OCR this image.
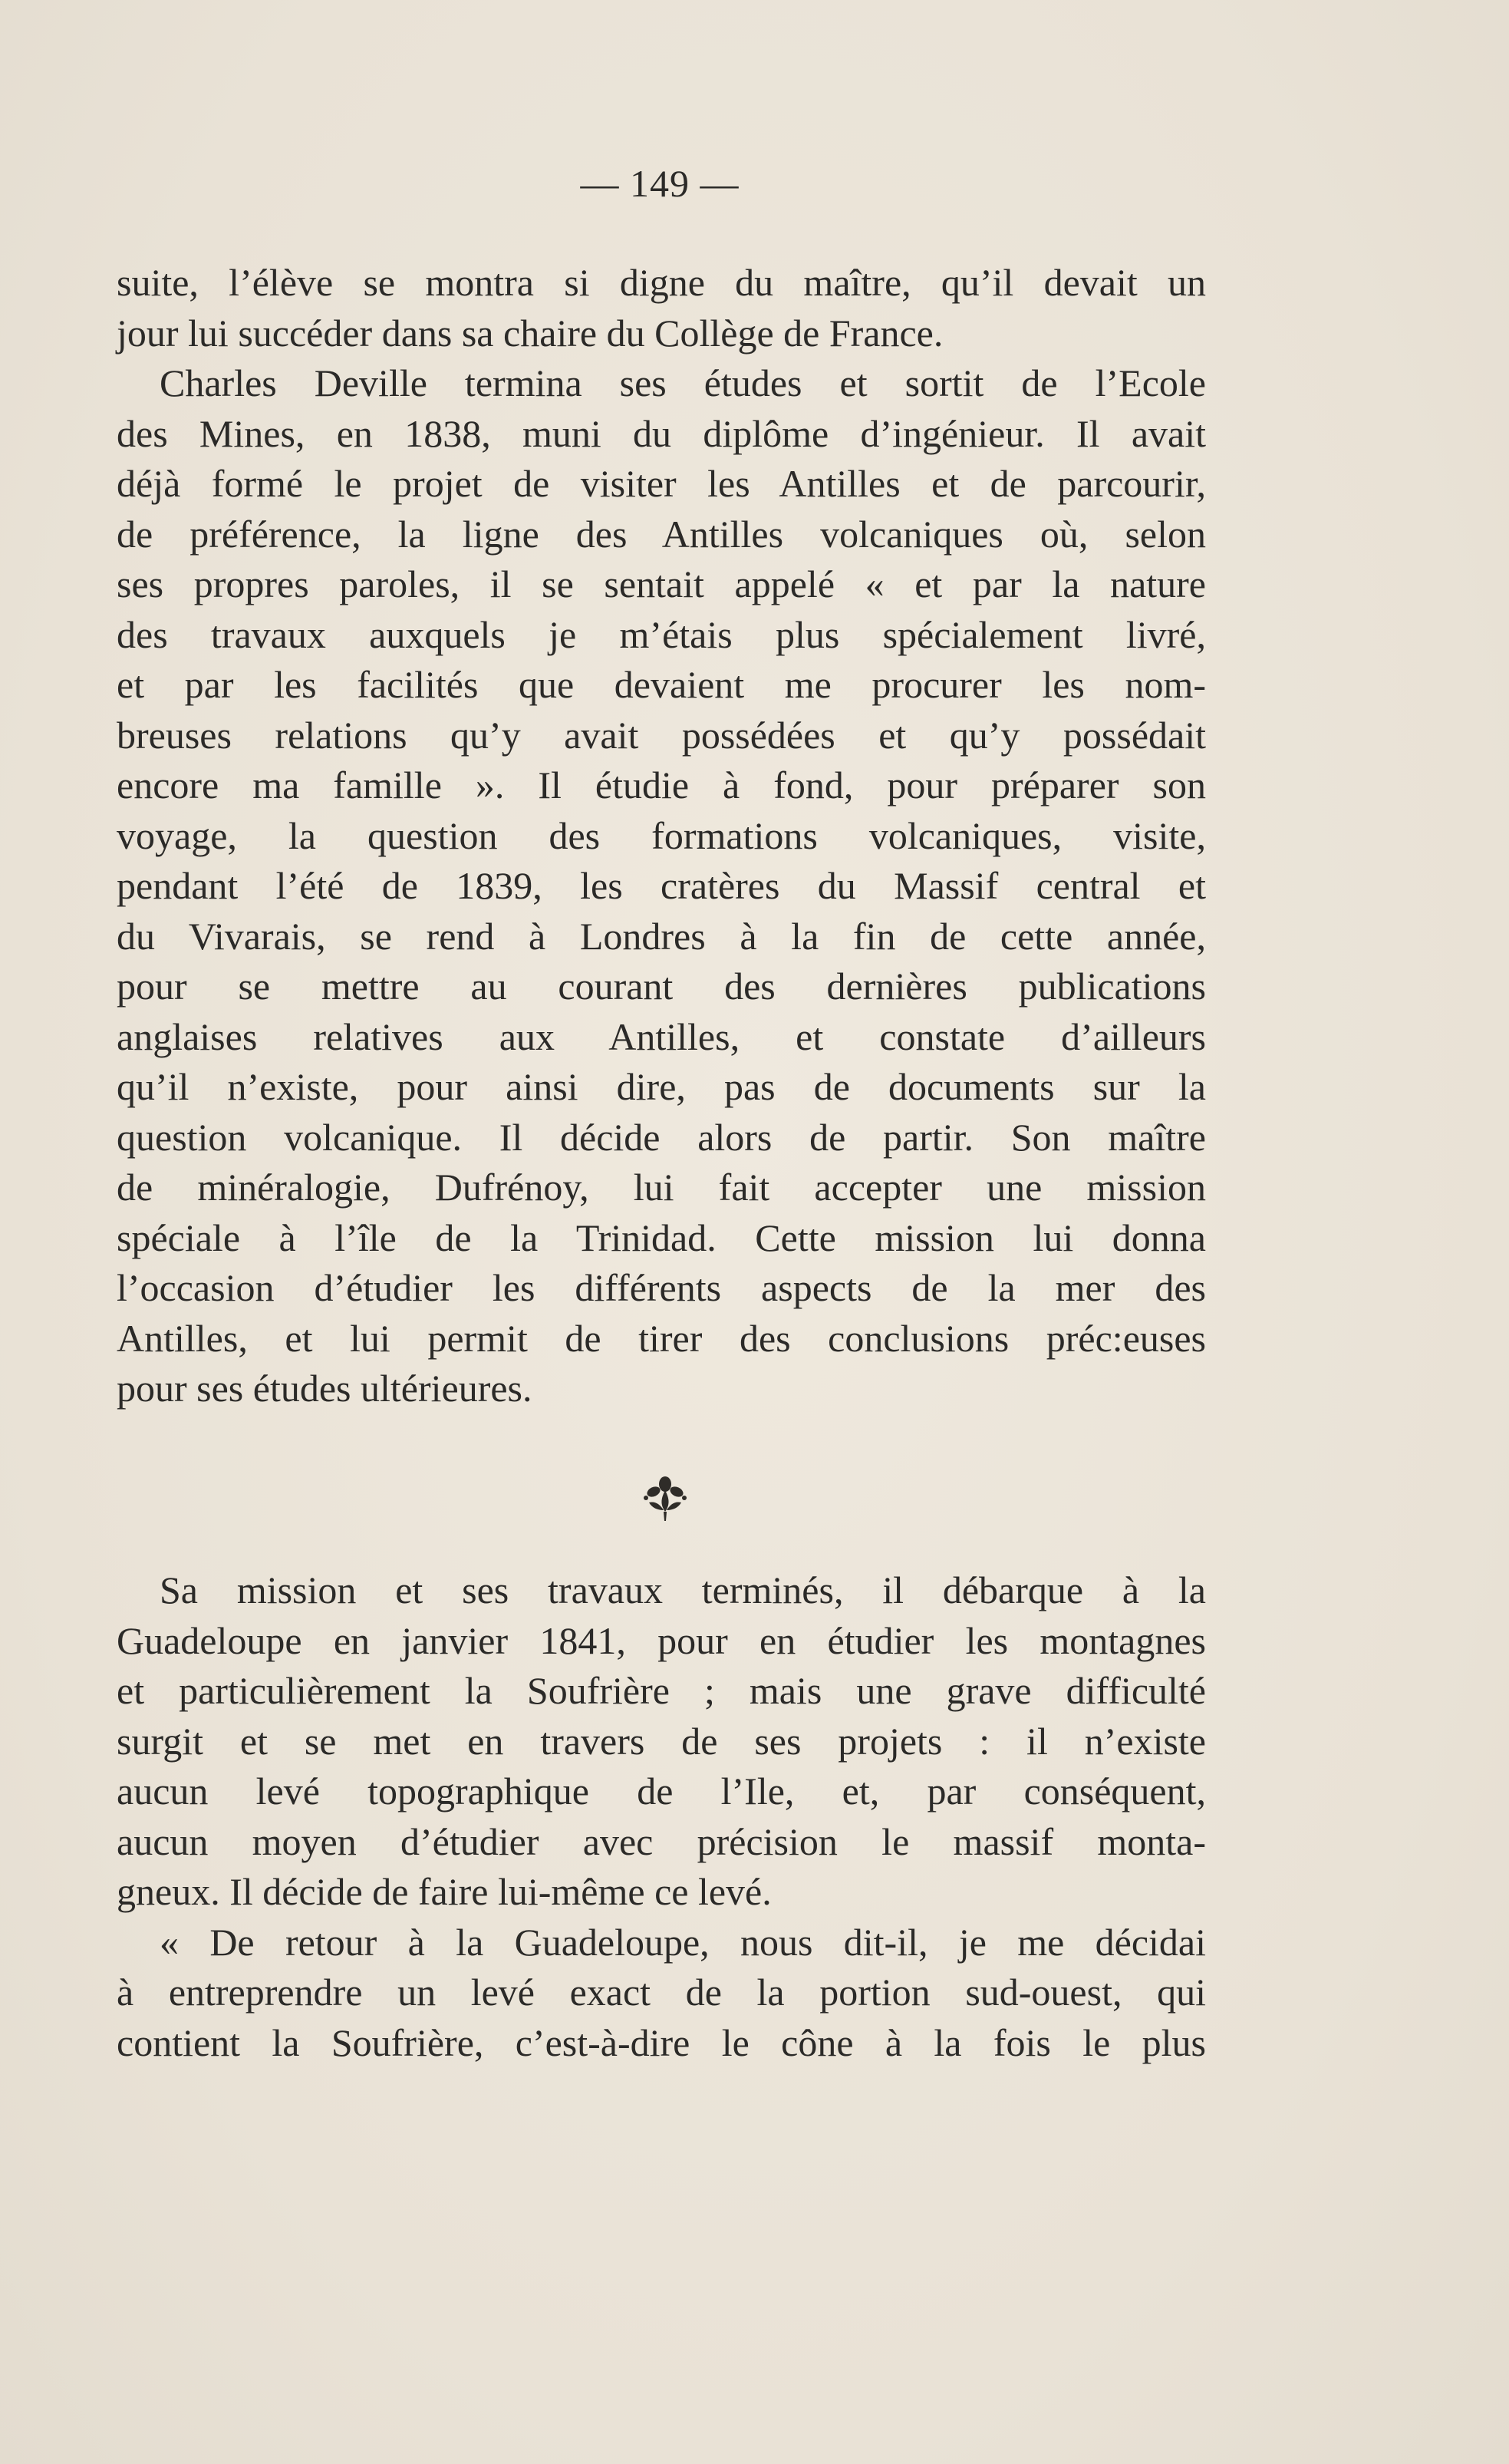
— 149 —
suite, l’élève se montra si digne du maître, qu’il devait un
jour lui succéder dans sa chaire du Collège de France.
Charles Deville termina ses études et sortit de l’Ecole
des Mines, en 1838, muni du diplôme d’ingénieur. Il avait
déjà formé le projet de visiter les Antilles et de parcourir,
de préférence, la ligne des Antilles volcaniques où, selon
ses propres paroles, il se sentait appelé « et par la nature
des travaux auxquels je m’étais plus spécialement livré,
et par les facilités que devaient me procurer les nom-
breuses relations qu’y avait possédées et qu’y possédait
encore ma famille ». Il étudie à fond, pour préparer son
voyage, la question des formations volcaniques, visite,
pendant l’été de 1839, les cratères du Massif central et
du Vivarais, se rend à Londres à la fin de cette année,
pour se mettre au courant des dernières publications
anglaises relatives aux Antilles, et constate d’ailleurs
qu’il n’existe, pour ainsi dire, pas de documents sur la
question volcanique. Il décide alors de partir. Son maître
de minéralogie, Dufrénoy, lui fait accepter une mission
spéciale à l’île de la Trinidad. Cette mission lui donna
l’occasion d’étudier les différents aspects de la mer des
Antilles, et lui permit de tirer des conclusions préc:euses
pour ses études ultérieures.
Sa mission et ses travaux terminés, il débarque à la
Guadeloupe en janvier 1841, pour en étudier les montagnes
et particulièrement la Soufrière ; mais une grave difficulté
surgit et se met en travers de ses projets : il n’existe
aucun levé topographique de l’Ile, et, par conséquent,
aucun moyen d’étudier avec précision le massif monta-
gneux. Il décide de faire lui-même ce levé.
« De retour à la Guadeloupe, nous dit-il, je me décidai
à entreprendre un levé exact de la portion sud-ouest, qui
contient la Soufrière, c’est-à-dire le cône à la fois le plus
